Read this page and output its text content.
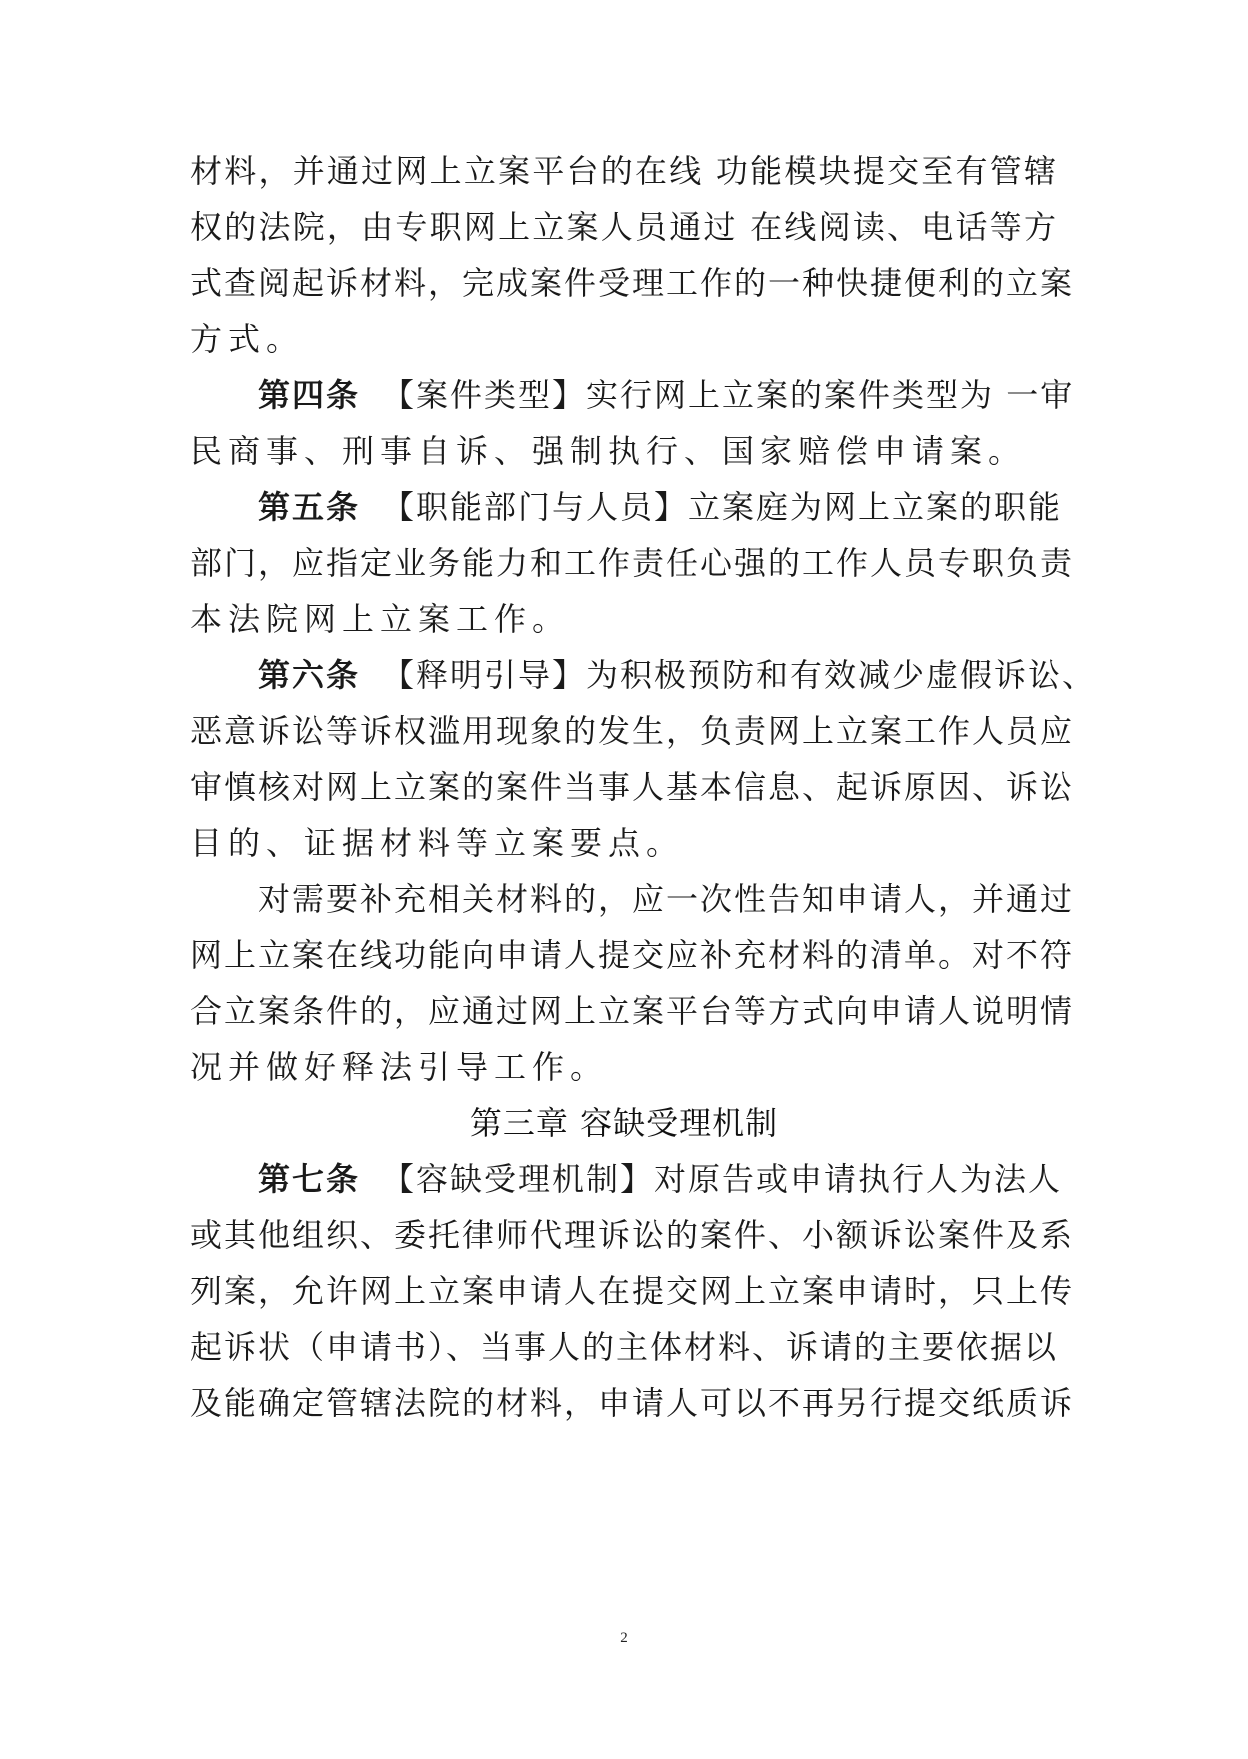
材料，并通过网上立案平台的在线 功能模块提交至有管辖
权的法院，由专职网上立案人员通过 在线阅读、电话等方
式查阅起诉材料，完成案件受理工作的一种快捷便利的立案
方式。
第四条 【案件类型】实行网上立案的案件类型为 一审
民商事、刑事自诉、强制执行、国家赔偿申请案。
第五条 【职能部门与人员】立案庭为网上立案的职能
部门，应指定业务能力和工作责任心强的工作人员专职负责
本法院网上立案工作。
第六条 【释明引导】为积极预防和有效减少虚假诉讼、
恶意诉讼等诉权滥用现象的发生，负责网上立案工作人员应
审慎核对网上立案的案件当事人基本信息、起诉原因、诉讼
目的、证据材料等立案要点。
对需要补充相关材料的，应一次性告知申请人，并通过
网上立案在线功能向申请人提交应补充材料的清单。对不符
合立案条件的，应通过网上立案平台等方式向申请人说明情
况并做好释法引导工作。
第三章 容缺受理机制
第七条 【容缺受理机制】对原告或申请执行人为法人
或其他组织、委托律师代理诉讼的案件、小额诉讼案件及系
列案，允许网上立案申请人在提交网上立案申请时，只上传
起诉状（申请书）、当事人的主体材料、诉请的主要依据以
及能确定管辖法院的材料，申请人可以不再另行提交纸质诉
2
